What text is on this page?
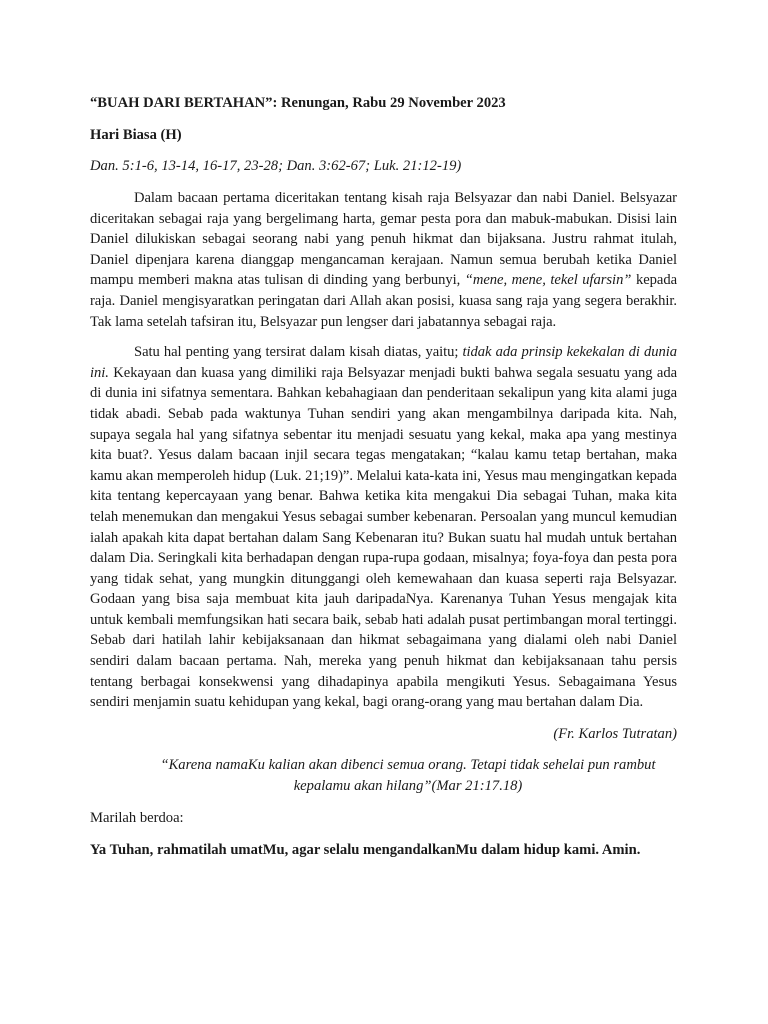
“BUAH DARI BERTAHAN”: Renungan, Rabu 29 November 2023

Hari Biasa (H)

Dan. 5:1-6, 13-14, 16-17, 23-28; Dan. 3:62-67; Luk. 21:12-19)

Dalam bacaan pertama diceritakan tentang kisah raja Belsyazar dan nabi Daniel. Belsyazar diceritakan sebagai raja yang bergelimang harta, gemar pesta pora dan mabuk-mabukan. Disisi lain Daniel dilukiskan sebagai seorang nabi yang penuh hikmat dan bijaksana. Justru rahmat itulah, Daniel dipenjara karena dianggap mengancaman kerajaan. Namun semua berubah ketika Daniel mampu memberi makna atas tulisan di dinding yang berbunyi, “mene, mene, tekel ufarsin” kepada raja. Daniel mengisyaratkan peringatan dari Allah akan posisi, kuasa sang raja yang segera berakhir. Tak lama setelah tafsiran itu, Belsyazar pun lengser dari jabatannya sebagai raja.

Satu hal penting yang tersirat dalam kisah diatas, yaitu; tidak ada prinsip kekekalan di dunia ini. Kekayaan dan kuasa yang dimiliki raja Belsyazar menjadi bukti bahwa segala sesuatu yang ada di dunia ini sifatnya sementara. Bahkan kebahagiaan dan penderitaan sekalipun yang kita alami juga tidak abadi. Sebab pada waktunya Tuhan sendiri yang akan mengambilnya daripada kita. Nah, supaya segala hal yang sifatnya sebentar itu menjadi sesuatu yang kekal, maka apa yang mestinya kita buat?. Yesus dalam bacaan injil secara tegas mengatakan; “kalau kamu tetap bertahan, maka kamu akan memperoleh hidup (Luk. 21;19)”. Melalui kata-kata ini, Yesus mau mengingatkan kepada kita tentang kepercayaan yang benar. Bahwa ketika kita mengakui Dia sebagai Tuhan, maka kita telah menemukan dan mengakui Yesus sebagai sumber kebenaran. Persoalan yang muncul kemudian ialah apakah kita dapat bertahan dalam Sang Kebenaran itu? Bukan suatu hal mudah untuk bertahan dalam Dia. Seringkali kita berhadapan dengan rupa-rupa godaan, misalnya; foya-foya dan pesta pora yang tidak sehat, yang mungkin ditunggangi oleh kemewahaan dan kuasa seperti raja Belsyazar. Godaan yang bisa saja membuat kita jauh daripadaNya. Karenanya Tuhan Yesus mengajak kita untuk kembali memfungsikan hati secara baik, sebab hati adalah pusat pertimbangan moral tertinggi. Sebab dari hatilah lahir kebijaksanaan dan hikmat sebagaimana yang dialami oleh nabi Daniel sendiri dalam bacaan pertama. Nah, mereka yang penuh hikmat dan kebijaksanaan tahu persis tentang berbagai konsekwensi yang dihadapinya apabila mengikuti Yesus. Sebagaimana Yesus sendiri menjamin suatu kehidupan yang kekal, bagi orang-orang yang mau bertahan dalam Dia.

(Fr. Karlos Tutratan)

“Karena namaKu kalian akan dibenci semua orang. Tetapi tidak sehelai pun rambut kepalamu akan hilang”(Mar 21:17.18)

Marilah berdoa:

Ya Tuhan, rahmatilah umatMu, agar selalu mengandalkanMu dalam hidup kami. Amin.
